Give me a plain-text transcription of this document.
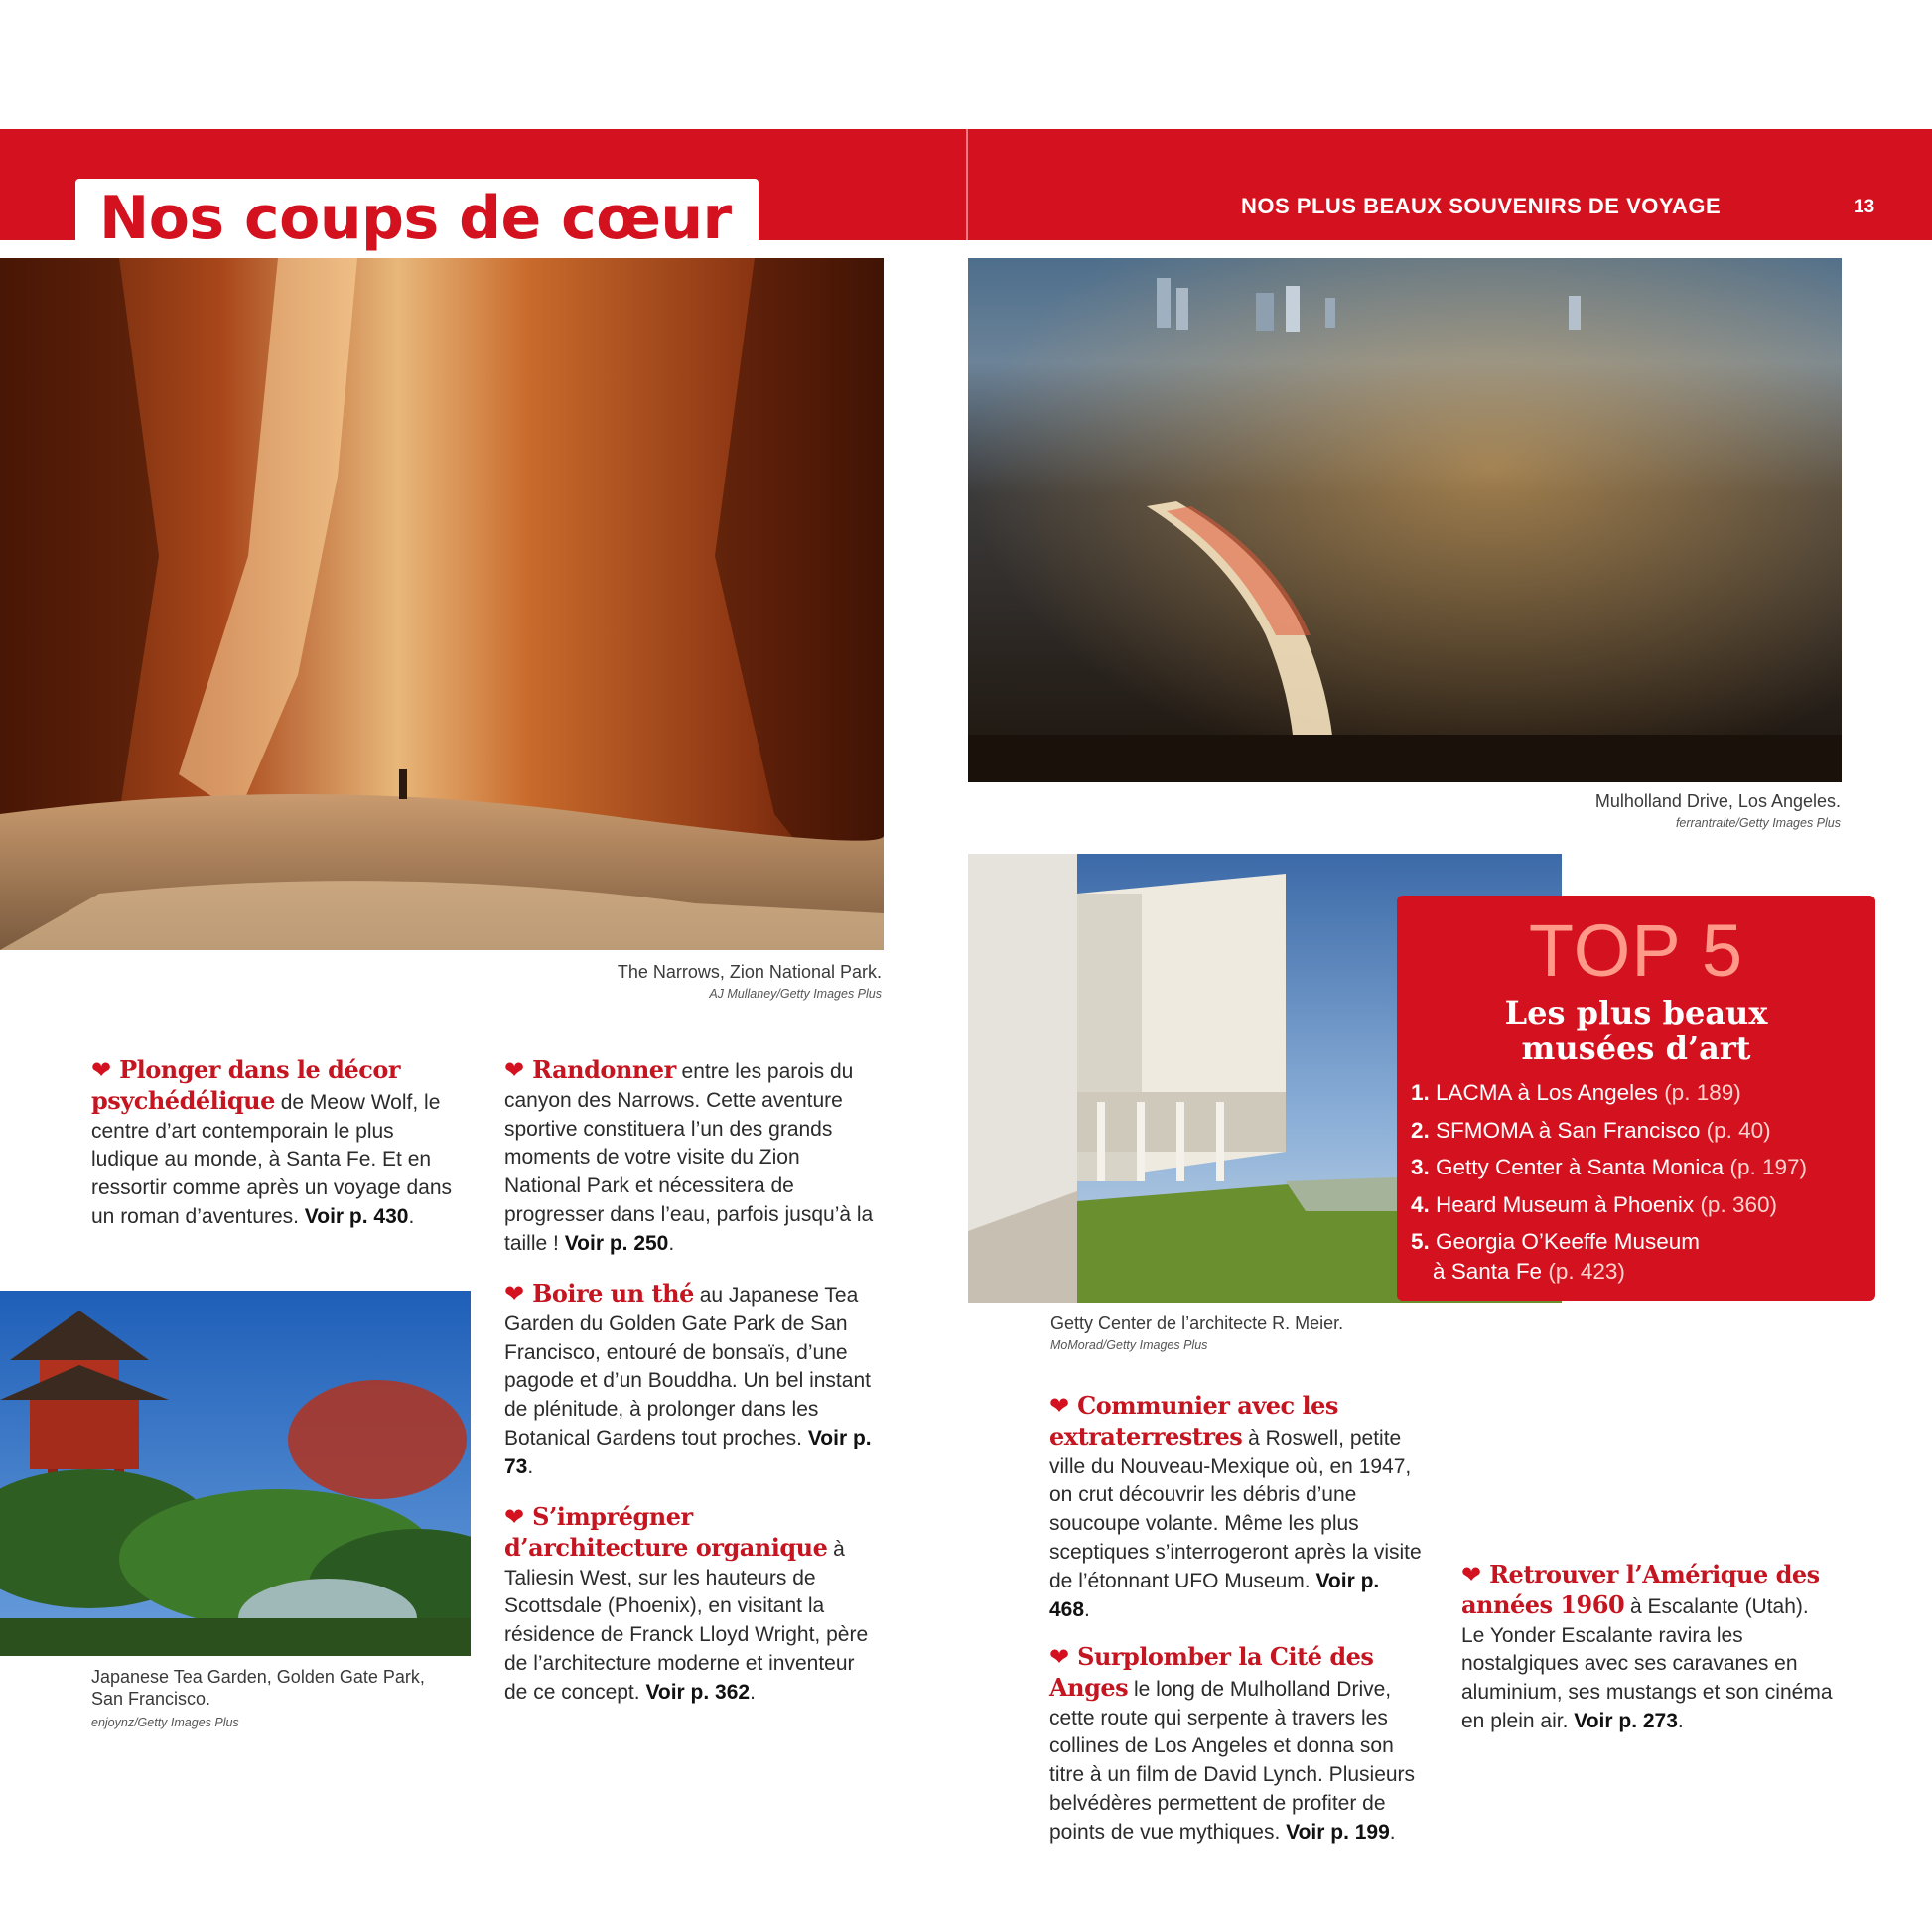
Nos coups de cœur	NOS PLUS BEAUX SOUVENIRS DE VOYAGE	13
The Narrows, Zion National Park.
AJ Mullaney/Getty Images Plus
Mulholland Drive, Los Angeles.
ferrantraite/Getty Images Plus
Getty Center de l’architecte R. Meier.
MoMorad/Getty Images Plus
Japanese Tea Garden, Golden Gate Park,
San Francisco.
enjoynz/Getty Images Plus
❤ Plonger dans le décor psychédélique de Meow Wolf, le centre d’art contemporain le plus ludique au monde, à Santa Fe. Et en ressortir comme après un voyage dans un roman d’aventures. Voir p. 430.
❤ Randonner entre les parois du canyon des Narrows. Cette aventure sportive constituera l’un des grands moments de votre visite du Zion National Park et nécessitera de progresser dans l’eau, parfois jusqu’à la taille ! Voir p. 250.
❤ Boire un thé au Japanese Tea Garden du Golden Gate Park de San Francisco, entouré de bonsaïs, d’une pagode et d’un Bouddha. Un bel instant de plénitude, à prolonger dans les Botanical Gardens tout proches. Voir p. 73.
❤ S’imprégner d’architecture organique à Taliesin West, sur les hauteurs de Scottsdale (Phoenix), en visitant la résidence de Franck Lloyd Wright, père de l’architecture moderne et inventeur de ce concept. Voir p. 362.
❤ Communier avec les extraterrestres à Roswell, petite ville du Nouveau-Mexique où, en 1947, on crut découvrir les débris d’une soucoupe volante. Même les plus sceptiques s’interrogeront après la visite de l’étonnant UFO Museum. Voir p. 468.
❤ Surplomber la Cité des Anges le long de Mulholland Drive, cette route qui serpente à travers les collines de Los Angeles et donna son titre à un film de David Lynch. Plusieurs belvédères permettent de profiter de points de vue mythiques. Voir p. 199.
❤ Retrouver l’Amérique des années 1960 à Escalante (Utah). Le Yonder Escalante ravira les nostalgiques avec ses caravanes en aluminium, ses mustangs et son cinéma en plein air. Voir p. 273.
TOP 5
Les plus beaux
musées d’art
1. LACMA à Los Angeles (p. 189)
2. SFMOMA à San Francisco (p. 40)
3. Getty Center à Santa Monica (p. 197)
4. Heard Museum à Phoenix (p. 360)
5. Georgia O’Keeffe Museum
à Santa Fe (p. 423)
